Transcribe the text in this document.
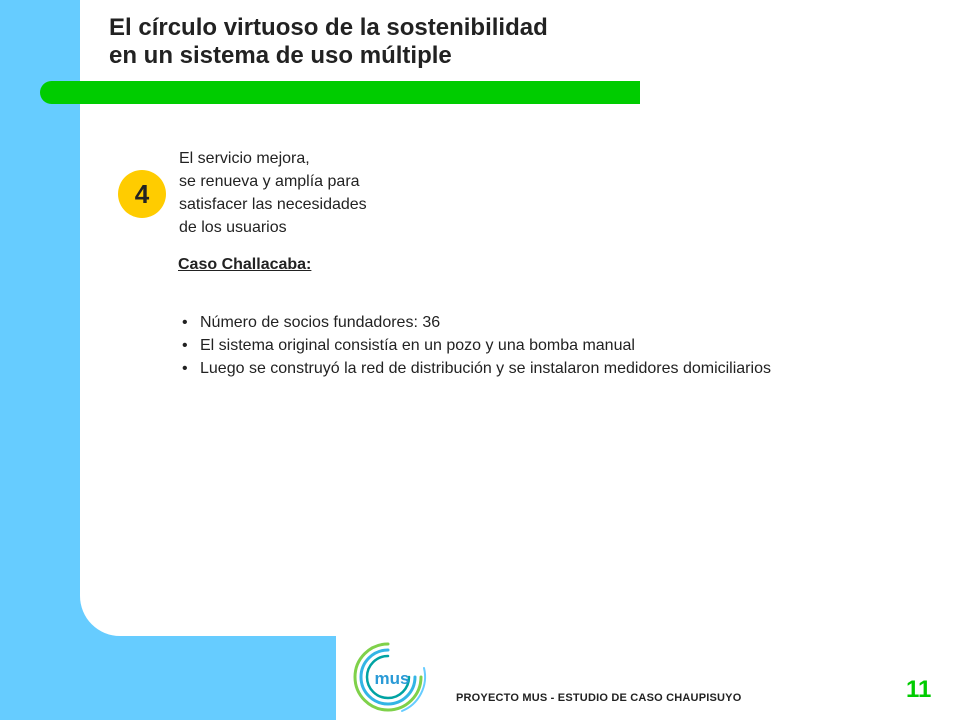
El círculo virtuoso de la sostenibilidad
en un sistema de uso múltiple
4
El servicio mejora,
se renueva y amplía para
satisfacer las necesidades
de los usuarios
Caso Challacaba:
• Número de socios fundadores: 36
• El sistema original consistía en un pozo y una bomba manual
• Luego se construyó la red de distribución y se instalaron medidores domiciliarios
mus
PROYECTO MUS - ESTUDIO DE CASO CHAUPISUYO	11
